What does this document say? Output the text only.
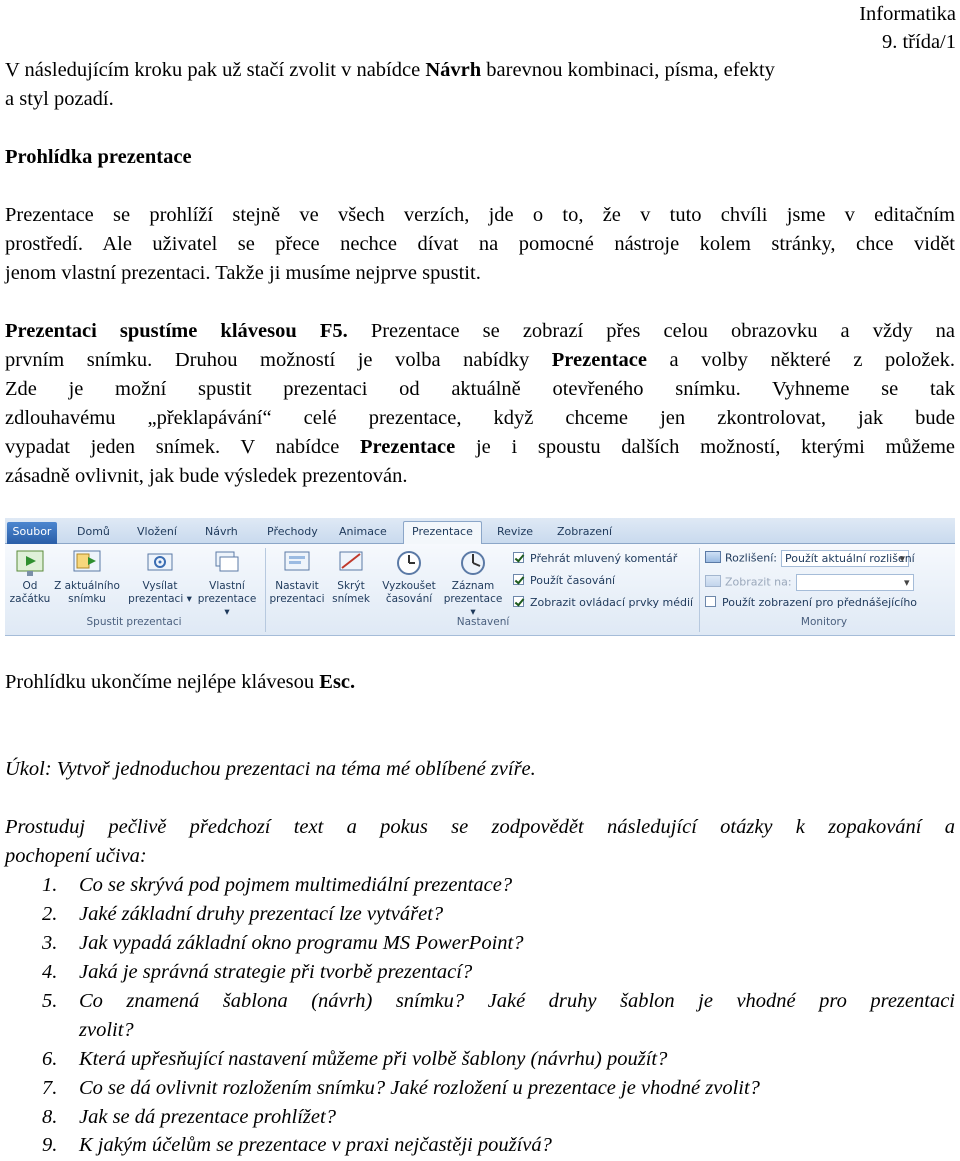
Informatika
9. třída/1
V následujícím kroku pak už stačí zvolit v nabídce Návrh barevnou kombinaci, písma, efekty
a styl pozadí.
Prohlídka prezentace
Prezentace se prohlíží stejně ve všech verzích, jde o to, že v tuto chvíli jsme v editačním
prostředí. Ale uživatel se přece nechce dívat na pomocné nástroje kolem stránky, chce vidět
jenom vlastní prezentaci. Takže ji musíme nejprve spustit.
Prezentaci spustíme klávesou F5. Prezentace se zobrazí přes celou obrazovku a vždy na
prvním snímku. Druhou možností je volba nabídky Prezentace a volby některé z položek.
Zde je možní spustit prezentaci od aktuálně otevřeného snímku. Vyhneme se tak
zdlouhavému „překlapávání“ celé prezentace, když chceme jen zkontrolovat, jak bude
vypadat jeden snímek. V nabídce Prezentace je i spoustu dalších možností, kterými můžeme
zásadně ovlivnit, jak bude výsledek prezentován.
Soubor	Domů Vložení	Návrh	Přechody Animace	Prezentace	Revize Zobrazení
Od
začátku
Z aktuálního
snímku
Vysílat
prezentaci ▾
Vlastní
prezentace ▾
Spustit prezentaci
Nastavit
prezentaci
Skrýt
snímek
Vyzkoušet
časování
Záznam
prezentace ▾
Přehrát mluvený komentář
Použít časování
Zobrazit ovládací prvky médií
Nastavení
Rozlišení: Použít aktuální rozlišení ▾
Zobrazit na:▾
Použít zobrazení pro přednášejícího
Monitory
Prohlídku ukončíme nejlépe klávesou Esc.
Úkol: Vytvoř jednoduchou prezentaci na téma mé oblíbené zvíře.
Prostuduj pečlivě předchozí text a pokus se zodpovědět následující otázky k zopakování a
pochopení učiva:
1. Co se skrývá pod pojmem multimediální prezentace?
2. Jaké základní druhy prezentací lze vytvářet?
3. Jak vypadá základní okno programu MS PowerPoint?
4. Jaká je správná strategie při tvorbě prezentací?
5. Co znamená šablona (návrh) snímku? Jaké druhy šablon je vhodné pro prezentaci
zvolit?
6. Která upřesňující nastavení můžeme při volbě šablony (návrhu) použít?
7. Co se dá ovlivnit rozložením snímku? Jaké rozložení u prezentace je vhodné zvolit?
8. Jak se dá prezentace prohlížet?
9. K jakým účelům se prezentace v praxi nejčastěji používá?
